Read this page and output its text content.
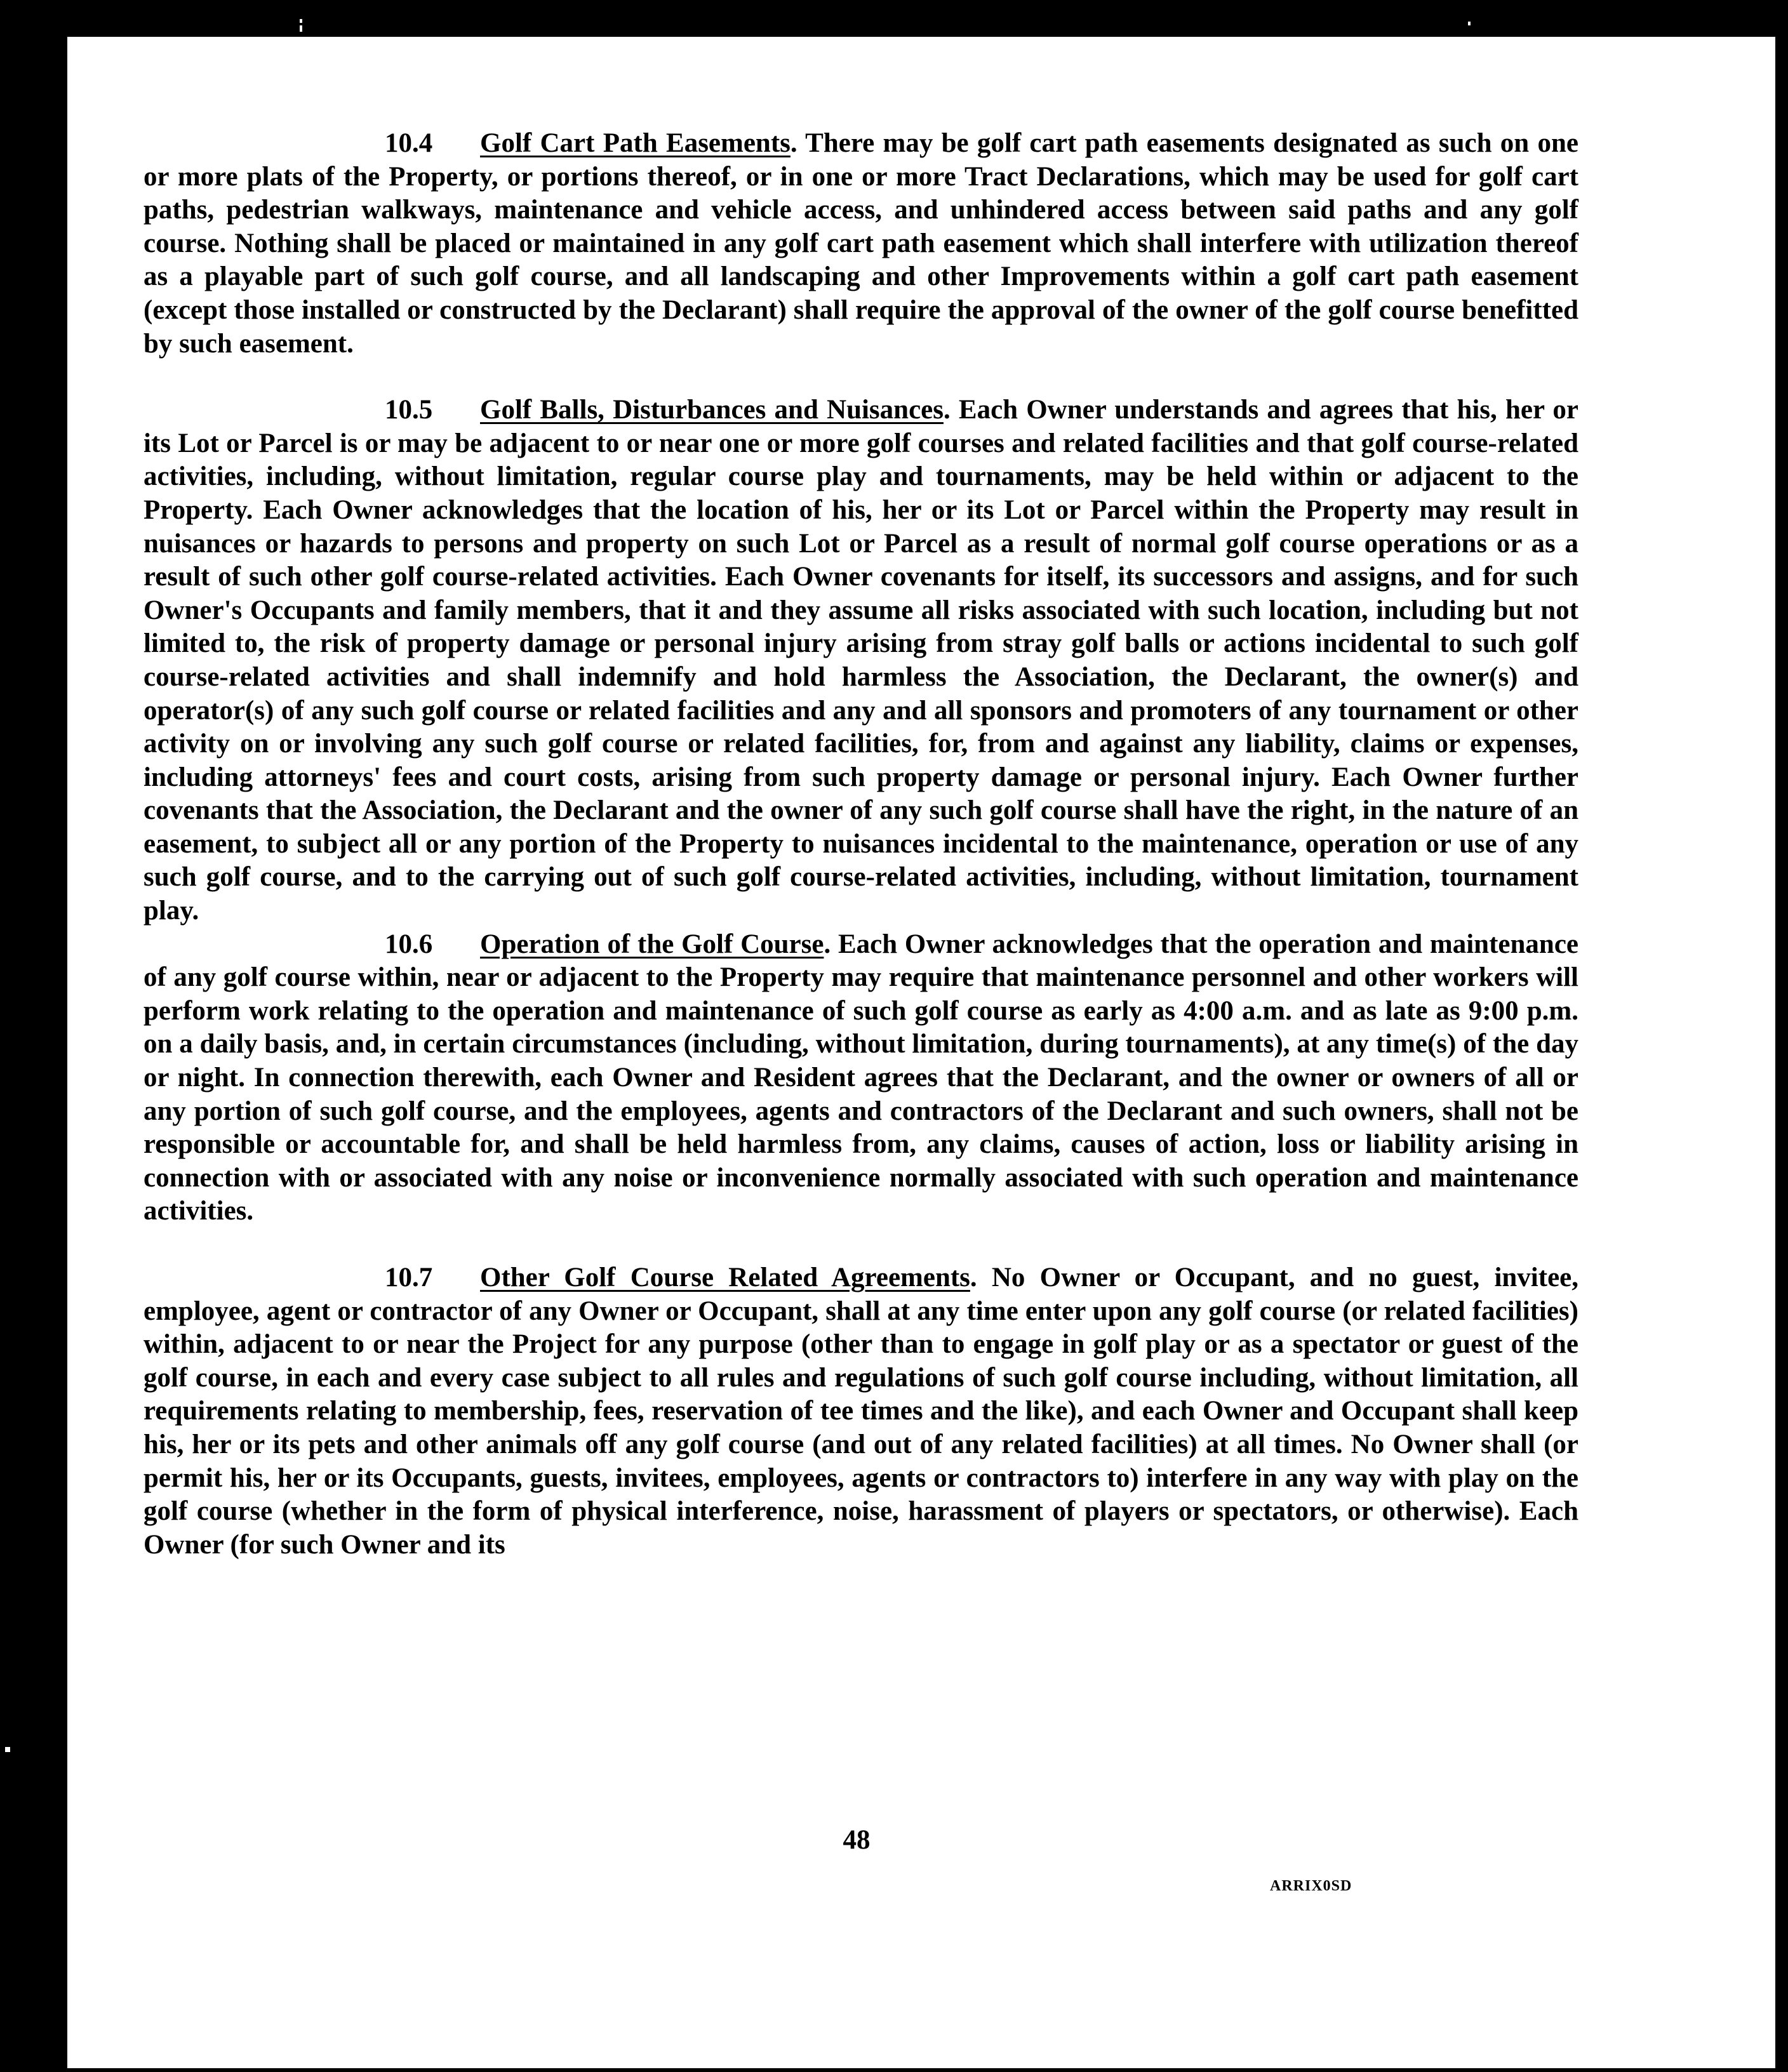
10.4 Golf Cart Path Easements. There may be golf cart path easements designated as such on one or more plats of the Property, or portions thereof, or in one or more Tract Declarations, which may be used for golf cart paths, pedestrian walkways, maintenance and vehicle access, and unhindered access between said paths and any golf course. Nothing shall be placed or maintained in any golf cart path easement which shall interfere with utilization thereof as a playable part of such golf course, and all landscaping and other Improvements within a golf cart path easement (except those installed or constructed by the Declarant) shall require the approval of the owner of the golf course benefitted by such easement.

10.5 Golf Balls, Disturbances and Nuisances. Each Owner understands and agrees that his, her or its Lot or Parcel is or may be adjacent to or near one or more golf courses and related facilities and that golf course-related activities, including, without limitation, regular course play and tournaments, may be held within or adjacent to the Property. Each Owner acknowledges that the location of his, her or its Lot or Parcel within the Property may result in nuisances or hazards to persons and property on such Lot or Parcel as a result of normal golf course operations or as a result of such other golf course-related activities. Each Owner covenants for itself, its successors and assigns, and for such Owner's Occupants and family members, that it and they assume all risks associated with such location, including but not limited to, the risk of property damage or personal injury arising from stray golf balls or actions incidental to such golf course-related activities and shall indemnify and hold harmless the Association, the Declarant, the owner(s) and operator(s) of any such golf course or related facilities and any and all sponsors and promoters of any tournament or other activity on or involving any such golf course or related facilities, for, from and against any liability, claims or expenses, including attorneys' fees and court costs, arising from such property damage or personal injury. Each Owner further covenants that the Association, the Declarant and the owner of any such golf course shall have the right, in the nature of an easement, to subject all or any portion of the Property to nuisances incidental to the maintenance, operation or use of any such golf course, and to the carrying out of such golf course-related activities, including, without limitation, tournament play.

10.6 Operation of the Golf Course. Each Owner acknowledges that the operation and maintenance of any golf course within, near or adjacent to the Property may require that maintenance personnel and other workers will perform work relating to the operation and maintenance of such golf course as early as 4:00 a.m. and as late as 9:00 p.m. on a daily basis, and, in certain circumstances (including, without limitation, during tournaments), at any time(s) of the day or night. In connection therewith, each Owner and Resident agrees that the Declarant, and the owner or owners of all or any portion of such golf course, and the employees, agents and contractors of the Declarant and such owners, shall not be responsible or accountable for, and shall be held harmless from, any claims, causes of action, loss or liability arising in connection with or associated with any noise or inconvenience normally associated with such operation and maintenance activities.

10.7 Other Golf Course Related Agreements. No Owner or Occupant, and no guest, invitee, employee, agent or contractor of any Owner or Occupant, shall at any time enter upon any golf course (or related facilities) within, adjacent to or near the Project for any purpose (other than to engage in golf play or as a spectator or guest of the golf course, in each and every case subject to all rules and regulations of such golf course including, without limitation, all requirements relating to membership, fees, reservation of tee times and the like), and each Owner and Occupant shall keep his, her or its pets and other animals off any golf course (and out of any related facilities) at all times. No Owner shall (or permit his, her or its Occupants, guests, invitees, employees, agents or contractors to) interfere in any way with play on the golf course (whether in the form of physical interference, noise, harassment of players or spectators, or otherwise). Each Owner (for such Owner and its

48
ARRIX0SD
